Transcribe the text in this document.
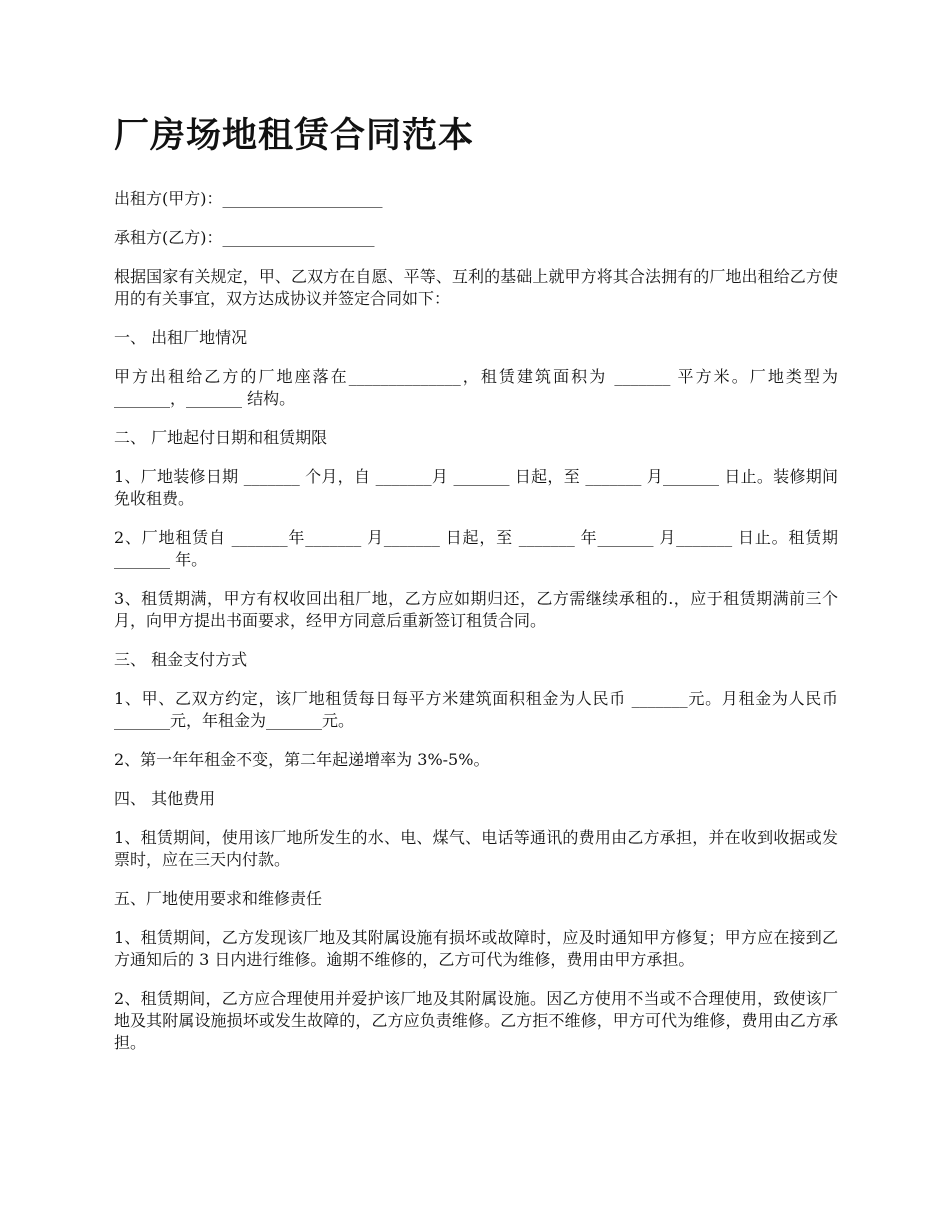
厂房场地租赁合同范本

出租方(甲方)：____________________

承租方(乙方)：___________________

根据国家有关规定，甲、乙双方在自愿、平等、互利的基础上就甲方将其合法拥有的厂地出租给乙方使用的有关事宜，双方达成协议并签定合同如下：

一、 出租厂地情况

甲方出租给乙方的厂地座落在______________，租赁建筑面积为 _______ 平方米。厂地类型为 _______，_______ 结构。

二、 厂地起付日期和租赁期限

1、厂地装修日期 _______ 个月，自 _______月 _______ 日起，至 _______ 月_______ 日止。装修期间免收租费。

2、厂地租赁自 _______年_______ 月_______ 日起，至 _______ 年_______ 月_______ 日止。租赁期_______ 年。

3、租赁期满，甲方有权收回出租厂地，乙方应如期归还，乙方需继续承租的.，应于租赁期满前三个月，向甲方提出书面要求，经甲方同意后重新签订租赁合同。

三、 租金支付方式

1、甲、乙双方约定，该厂地租赁每日每平方米建筑面积租金为人民币 _______元。月租金为人民币_______元，年租金为_______元。

2、第一年年租金不变，第二年起递增率为 3%-5%。

四、 其他费用

1、租赁期间，使用该厂地所发生的水、电、煤气、电话等通讯的费用由乙方承担，并在收到收据或发票时，应在三天内付款。

五、厂地使用要求和维修责任

1、租赁期间，乙方发现该厂地及其附属设施有损坏或故障时，应及时通知甲方修复；甲方应在接到乙方通知后的 3 日内进行维修。逾期不维修的，乙方可代为维修，费用由甲方承担。

2、租赁期间，乙方应合理使用并爱护该厂地及其附属设施。因乙方使用不当或不合理使用，致使该厂地及其附属设施损坏或发生故障的，乙方应负责维修。乙方拒不维修，甲方可代为维修，费用由乙方承担。
